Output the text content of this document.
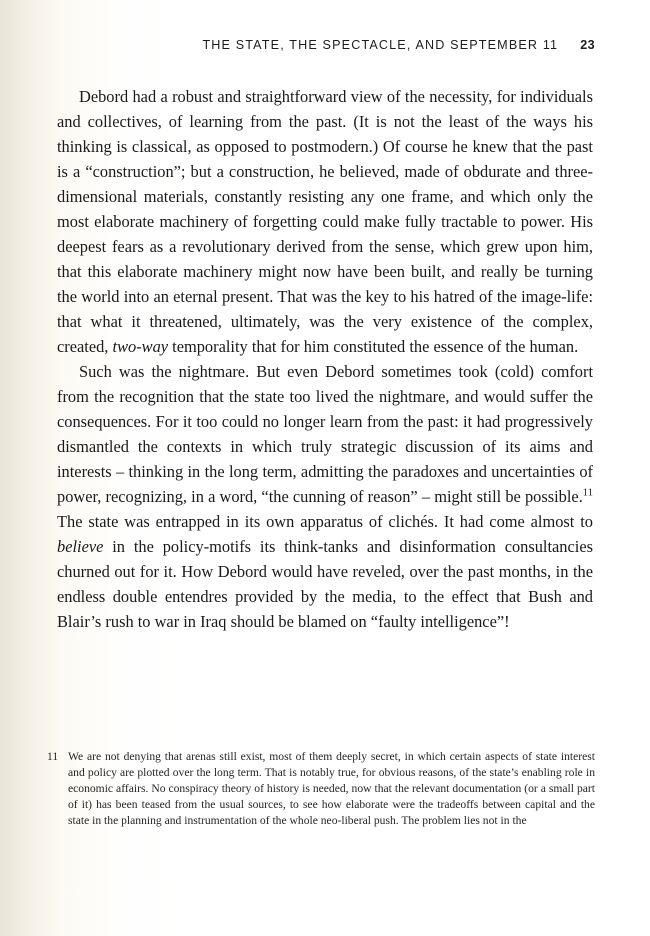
THE STATE, THE SPECTACLE, AND SEPTEMBER 11 23

Debord had a robust and straightforward view of the necessity, for individuals and collectives, of learning from the past. (It is not the least of the ways his thinking is classical, as opposed to postmodern.) Of course he knew that the past is a “construction”; but a construction, he believed, made of obdurate and three-dimensional materials, constantly resisting any one frame, and which only the most elaborate machinery of forgetting could make fully tractable to power. His deepest fears as a revolutionary derived from the sense, which grew upon him, that this elaborate machinery might now have been built, and really be turning the world into an eternal present. That was the key to his hatred of the image-life: that what it threatened, ultimately, was the very existence of the complex, created, two-way temporality that for him constituted the essence of the human.

Such was the nightmare. But even Debord sometimes took (cold) comfort from the recognition that the state too lived the nightmare, and would suffer the consequences. For it too could no longer learn from the past: it had progressively dismantled the contexts in which truly strategic discussion of its aims and interests – thinking in the long term, admitting the paradoxes and uncertainties of power, recognizing, in a word, “the cunning of reason” – might still be possible.$^{11}$ The state was entrapped in its own apparatus of clichés. It had come almost to believe in the policy-motifs its think-tanks and disinformation consultancies churned out for it. How Debord would have reveled, over the past months, in the endless double entendres provided by the media, to the effect that Bush and Blair’s rush to war in Iraq should be blamed on “faulty intelligence”!

11 We are not denying that arenas still exist, most of them deeply secret, in which certain aspects of state interest and policy are plotted over the long term. That is notably true, for obvious reasons, of the state’s enabling role in economic affairs. No conspiracy theory of history is needed, now that the relevant documentation (or a small part of it) has been teased from the usual sources, to see how elaborate were the tradeoffs between capital and the state in the planning and instrumentation of the whole neo-liberal push. The problem lies not in the
